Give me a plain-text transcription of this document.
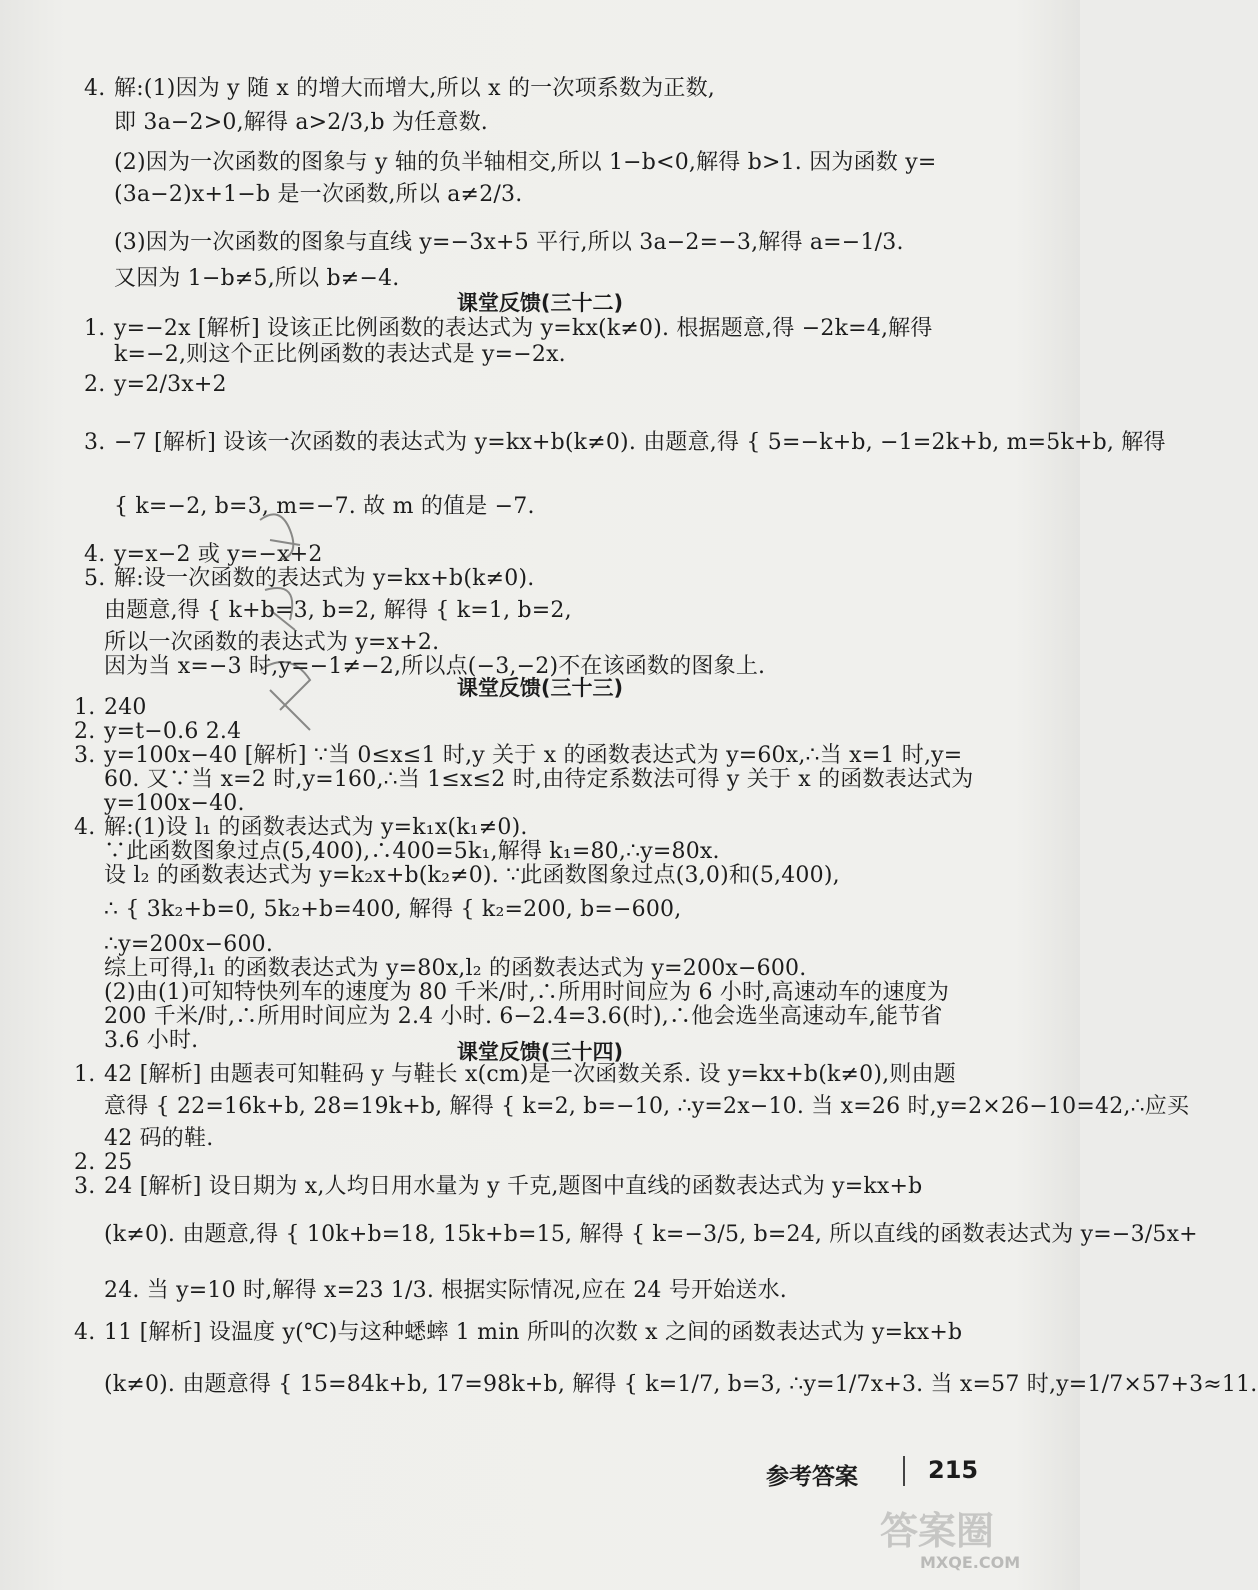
4. 解:(1)因为 y 随 x 的增大而增大,所以 x 的一次项系数为正数,
即 3a−2>0,解得 a>2/3,b 为任意数.
(2)因为一次函数的图象与 y 轴的负半轴相交,所以 1−b<0,解得 b>1. 因为函数 y=
(3a−2)x+1−b 是一次函数,所以 a≠2/3.
(3)因为一次函数的图象与直线 y=−3x+5 平行,所以 3a−2=−3,解得 a=−1/3.
又因为 1−b≠5,所以 b≠−4.
课堂反馈(三十二)
1. y=−2x [解析] 设该正比例函数的表达式为 y=kx(k≠0). 根据题意,得 −2k=4,解得
k=−2,则这个正比例函数的表达式是 y=−2x.
2. y=2/3x+2
3. −7 [解析] 设该一次函数的表达式为 y=kx+b(k≠0). 由题意,得 { 5=−k+b, −1=2k+b, m=5k+b, 解得
{ k=−2, b=3, m=−7. 故 m 的值是 −7.
4. y=x−2 或 y=−x+2
5. 解:设一次函数的表达式为 y=kx+b(k≠0).
由题意,得 { k+b=3, b=2, 解得 { k=1, b=2,
所以一次函数的表达式为 y=x+2.
因为当 x=−3 时,y=−1≠−2,所以点(−3,−2)不在该函数的图象上.
课堂反馈(三十三)
1. 240
2. y=t−0.6 2.4
3. y=100x−40 [解析] ∵当 0≤x≤1 时,y 关于 x 的函数表达式为 y=60x,∴当 x=1 时,y=
60. 又∵当 x=2 时,y=160,∴当 1≤x≤2 时,由待定系数法可得 y 关于 x 的函数表达式为
y=100x−40.
4. 解:(1)设 l₁ 的函数表达式为 y=k₁x(k₁≠0).
∵此函数图象过点(5,400),∴400=5k₁,解得 k₁=80,∴y=80x.
设 l₂ 的函数表达式为 y=k₂x+b(k₂≠0). ∵此函数图象过点(3,0)和(5,400),
∴ { 3k₂+b=0, 5k₂+b=400, 解得 { k₂=200, b=−600,
∴y=200x−600.
综上可得,l₁ 的函数表达式为 y=80x,l₂ 的函数表达式为 y=200x−600.
(2)由(1)可知特快列车的速度为 80 千米/时,∴所用时间应为 6 小时,高速动车的速度为
200 千米/时,∴所用时间应为 2.4 小时. 6−2.4=3.6(时),∴他会选坐高速动车,能节省
3.6 小时.	课堂反馈(三十四)
1. 42 [解析] 由题表可知鞋码 y 与鞋长 x(cm)是一次函数关系. 设 y=kx+b(k≠0),则由题
意得 { 22=16k+b, 28=19k+b, 解得 { k=2, b=−10, ∴y=2x−10. 当 x=26 时,y=2×26−10=42,∴应买
42 码的鞋.
2. 25
3. 24 [解析] 设日期为 x,人均日用水量为 y 千克,题图中直线的函数表达式为 y=kx+b
(k≠0). 由题意,得 { 10k+b=18, 15k+b=15, 解得 { k=−3/5, b=24, 所以直线的函数表达式为 y=−3/5x+
24. 当 y=10 时,解得 x=23 1/3. 根据实际情况,应在 24 号开始送水.
4. 11 [解析] 设温度 y(℃)与这种蟋蟀 1 min 所叫的次数 x 之间的函数表达式为 y=kx+b
(k≠0). 由题意得 { 15=84k+b, 17=98k+b, 解得 { k=1/7, b=3, ∴y=1/7x+3. 当 x=57 时,y=1/7×57+3≈11.
参考答案	215
答案圈
MXQE.COM
